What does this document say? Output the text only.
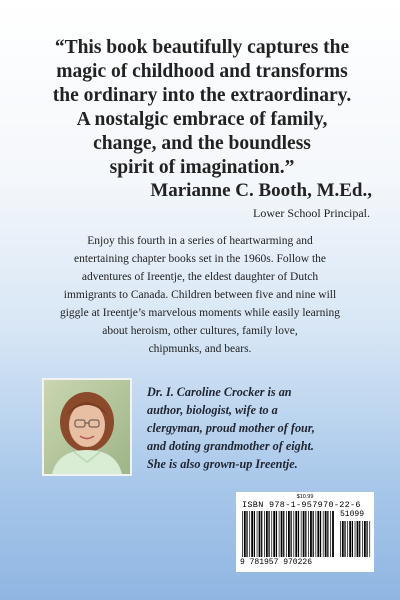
“This book beautifully captures the
magic of childhood and transforms
the ordinary into the extraordinary.
A nostalgic embrace of family,
change, and the boundless
spirit of imagination.”
Marianne C. Booth, M.Ed.,
Lower School Principal.
Enjoy this fourth in a series of heartwarming and
entertaining chapter books set in the 1960s. Follow the
adventures of Ireentje, the eldest daughter of Dutch
immigrants to Canada. Children between five and nine will
giggle at Ireentje’s marvelous moments while easily learning
about heroism, other cultures, family love,
chipmunks, and bears.
Dr. I. Caroline Crocker is an
author, biologist, wife to a
clergyman, proud mother of four,
and doting grandmother of eight.
She is also grown-up Ireentje.
$10.99
ISBN 978-1-957970-22-6
51099
9 781957 970226
